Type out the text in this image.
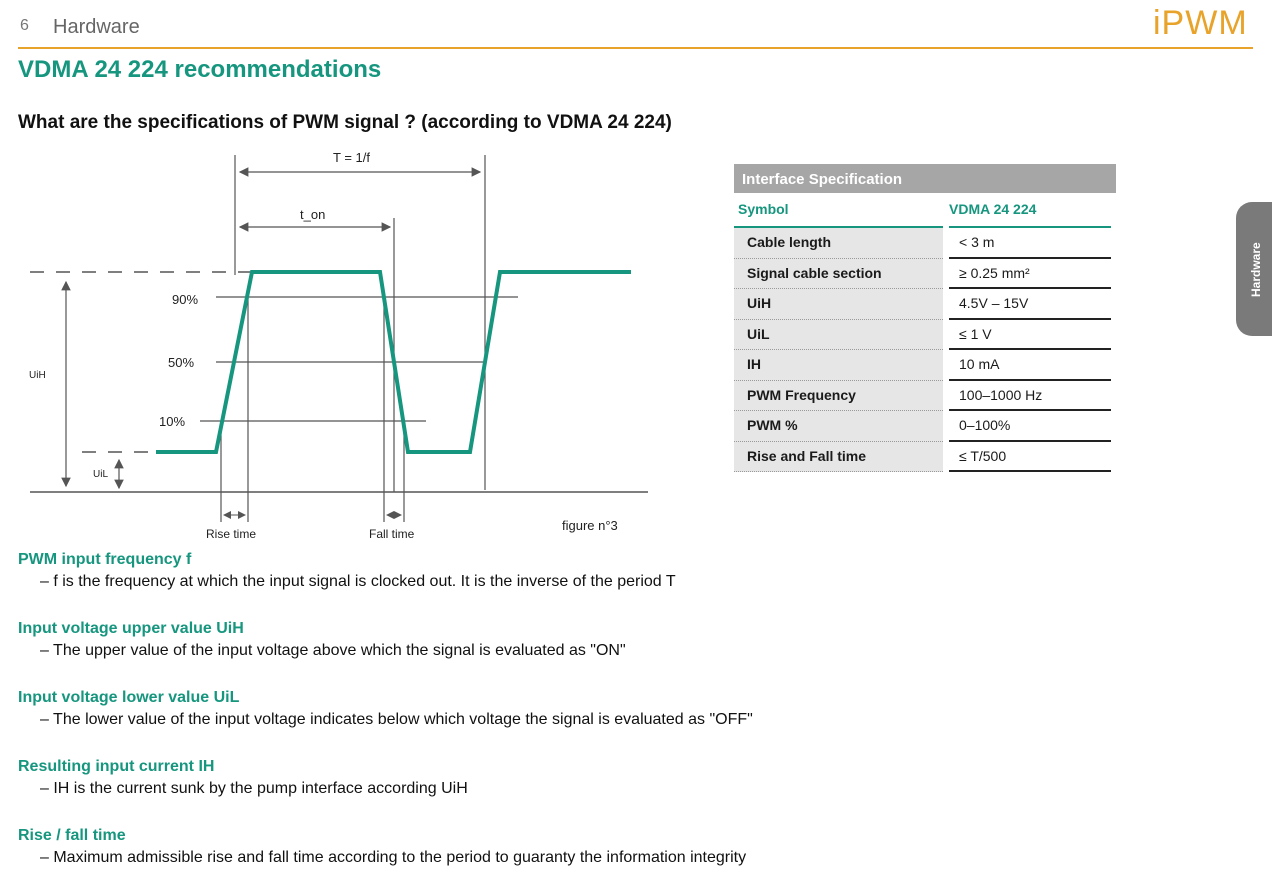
6 Hardware	iPWM
VDMA 24 224 recommendations
What are the specifications of PWM signal ? (according to VDMA 24 224)
T = 1/f
t_on
90%
50%
10%
UiH
UiL
Rise time	Fall time
figure n°3
Interface Specification
Symbol	VDMA 24 224
Cable length	< 3 m
Signal cable section	≥ 0.25 mm²
UiH	4.5V – 15V
UiL	≤ 1 V
IH	10 mA
PWM Frequency	100–1000 Hz
PWM %	0–100%
Rise and Fall time	≤ T/500
Hardware
PWM input frequency f
– f is the frequency at which the input signal is clocked out. It is the inverse of the period T
Input voltage upper value UiH
– The upper value of the input voltage above which the signal is evaluated as "ON"
Input voltage lower value UiL
– The lower value of the input voltage indicates below which voltage the signal is evaluated as "OFF"
Resulting input current IH
– IH is the current sunk by the pump interface according UiH
Rise / fall time
– Maximum admissible rise and fall time according to the period to guaranty the information integrity
